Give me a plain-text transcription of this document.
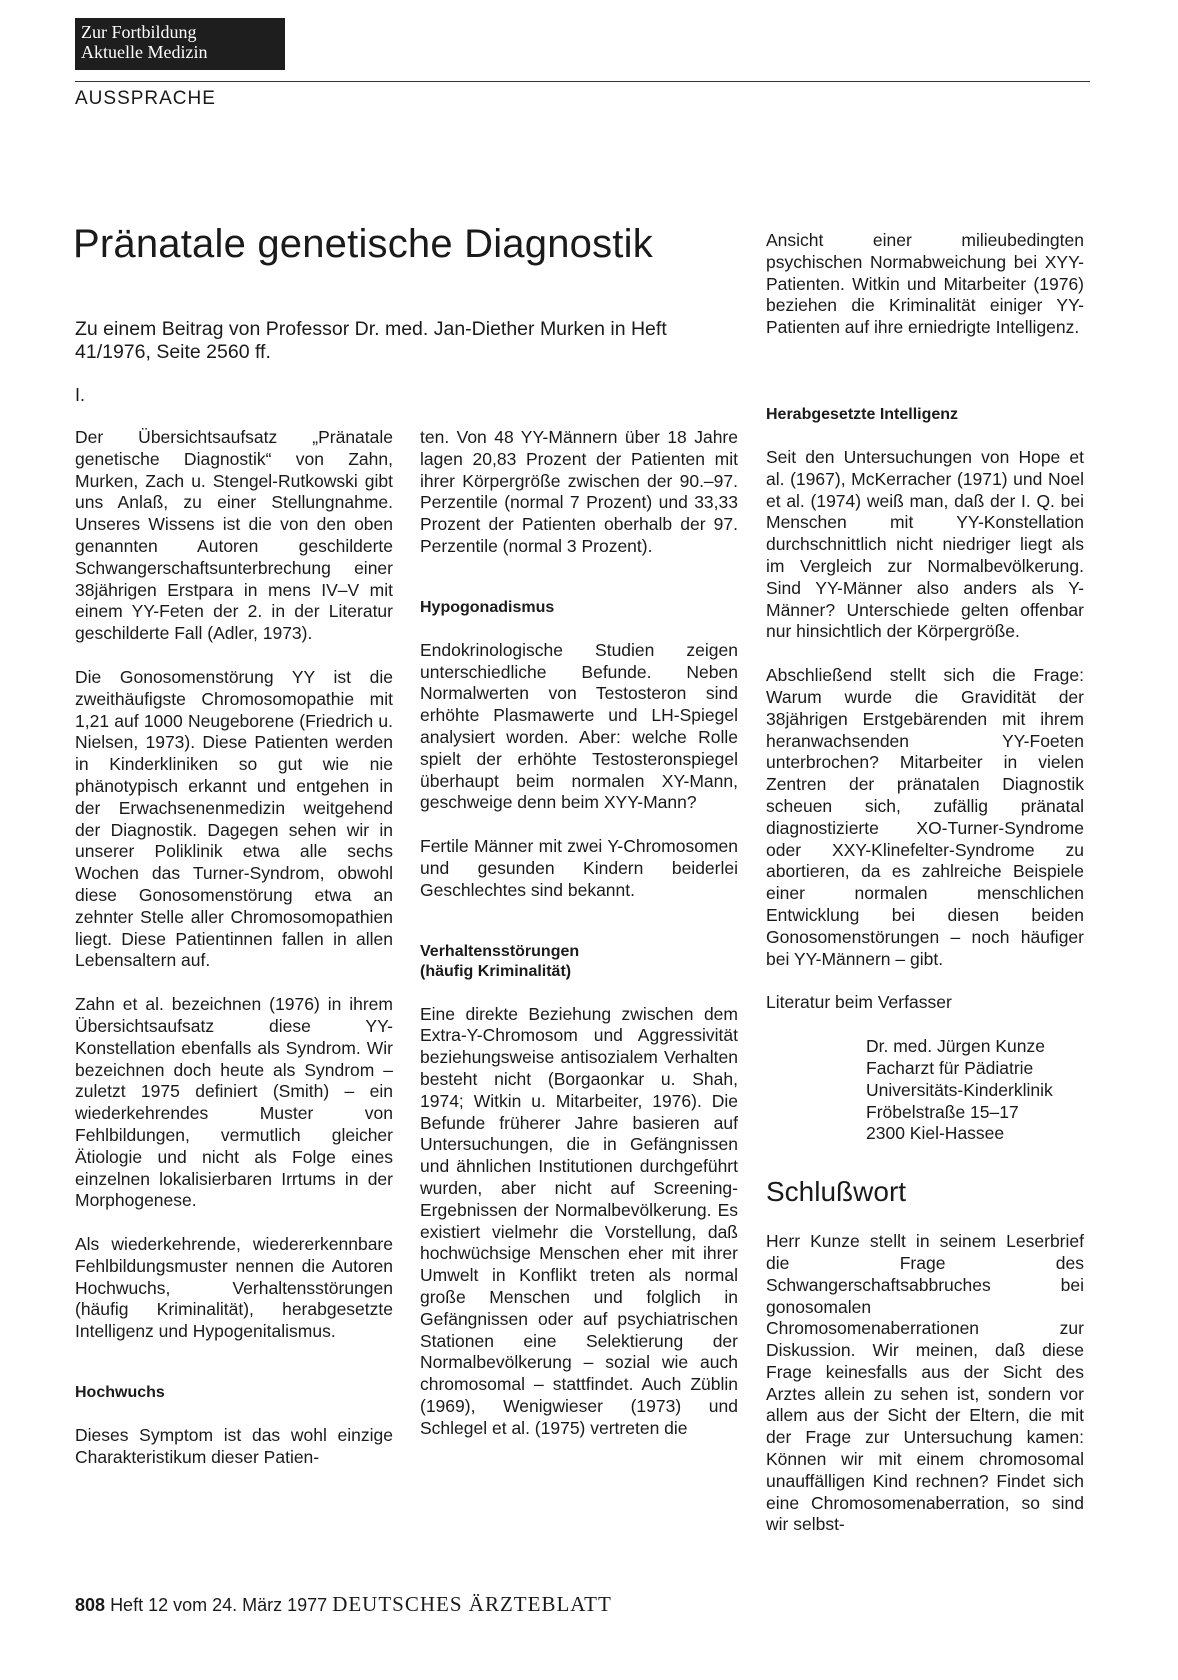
Zur Fortbildung
Aktuelle Medizin
AUSSPRACHE
Pränatale genetische Diagnostik

Zu einem Beitrag von Professor Dr. med. Jan-Diether Murken in Heft 41/1976, Seite 2560 ff.

I.

Der Übersichtsaufsatz „Pränatale genetische Diagnostik“ von Zahn, Murken, Zach u. Stengel-Rutkowski gibt uns Anlaß, zu einer Stellungnahme. Unseres Wissens ist die von den oben genannten Autoren geschilderte Schwangerschaftsunterbrechung einer 38jährigen Erstpara in mens IV–V mit einem YY-Feten der 2. in der Literatur geschilderte Fall (Adler, 1973).

Die Gonosomenstörung YY ist die zweithäufigste Chromosomopathie mit 1,21 auf 1000 Neugeborene (Friedrich u. Nielsen, 1973). Diese Patienten werden in Kinderkliniken so gut wie nie phänotypisch erkannt und entgehen in der Erwachsenenmedizin weitgehend der Diagnostik. Dagegen sehen wir in unserer Poliklinik etwa alle sechs Wochen das Turner-Syndrom, obwohl diese Gonosomenstörung etwa an zehnter Stelle aller Chromosomopathien liegt. Diese Patientinnen fallen in allen Lebensaltern auf.

Zahn et al. bezeichnen (1976) in ihrem Übersichtsaufsatz diese YY-Konstellation ebenfalls als Syndrom. Wir bezeichnen doch heute als Syndrom – zuletzt 1975 definiert (Smith) – ein wiederkehrendes Muster von Fehlbildungen, vermutlich gleicher Ätiologie und nicht als Folge eines einzelnen lokalisierbaren Irrtums in der Morphogenese.

Als wiederkehrende, wiedererkennbare Fehlbildungsmuster nennen die Autoren Hochwuchs, Verhaltensstörungen (häufig Kriminalität), herabgesetzte Intelligenz und Hypogenitalismus.

Hochwuchs

Dieses Symptom ist das wohl einzige Charakteristikum dieser Patien-

ten. Von 48 YY-Männern über 18 Jahre lagen 20,83 Prozent der Patienten mit ihrer Körpergröße zwischen der 90.–97. Perzentile (normal 7 Prozent) und 33,33 Prozent der Patienten oberhalb der 97. Perzentile (normal 3 Prozent).

Hypogonadismus

Endokrinologische Studien zeigen unterschiedliche Befunde. Neben Normalwerten von Testosteron sind erhöhte Plasmawerte und LH-Spiegel analysiert worden. Aber: welche Rolle spielt der erhöhte Testosteronspiegel überhaupt beim normalen XY-Mann, geschweige denn beim XYY-Mann?

Fertile Männer mit zwei Y-Chromosomen und gesunden Kindern beiderlei Geschlechtes sind bekannt.

Verhaltensstörungen
(häufig Kriminalität)

Eine direkte Beziehung zwischen dem Extra-Y-Chromosom und Aggressivität beziehungsweise antisozialem Verhalten besteht nicht (Borgaonkar u. Shah, 1974; Witkin u. Mitarbeiter, 1976). Die Befunde früherer Jahre basieren auf Untersuchungen, die in Gefängnissen und ähnlichen Institutionen durchgeführt wurden, aber nicht auf Screening-Ergebnissen der Normalbevölkerung. Es existiert vielmehr die Vorstellung, daß hochwüchsige Menschen eher mit ihrer Umwelt in Konflikt treten als normal große Menschen und folglich in Gefängnissen oder auf psychiatrischen Stationen eine Selektierung der Normalbevölkerung – sozial wie auch chromosomal – stattfindet. Auch Züblin (1969), Wenigwieser (1973) und Schlegel et al. (1975) vertreten die

Ansicht einer milieubedingten psychischen Normabweichung bei XYY-Patienten. Witkin und Mitarbeiter (1976) beziehen die Kriminalität einiger YY-Patienten auf ihre erniedrigte Intelligenz.

Herabgesetzte Intelligenz

Seit den Untersuchungen von Hope et al. (1967), McKerracher (1971) und Noel et al. (1974) weiß man, daß der I. Q. bei Menschen mit YY-Konstellation durchschnittlich nicht niedriger liegt als im Vergleich zur Normalbevölkerung. Sind YY-Männer also anders als Y-Männer? Unterschiede gelten offenbar nur hinsichtlich der Körpergröße.

Abschließend stellt sich die Frage: Warum wurde die Gravidität der 38jährigen Erstgebärenden mit ihrem heranwachsenden YY-Foeten unterbrochen? Mitarbeiter in vielen Zentren der pränatalen Diagnostik scheuen sich, zufällig pränatal diagnostizierte XO-Turner-Syndrome oder XXY-Klinefelter-Syndrome zu abortieren, da es zahlreiche Beispiele einer normalen menschlichen Entwicklung bei diesen beiden Gonosomenstörungen – noch häufiger bei YY-Männern – gibt.

Literatur beim Verfasser

Dr. med. Jürgen Kunze
Facharzt für Pädiatrie
Universitäts-Kinderklinik
Fröbelstraße 15–17
2300 Kiel-Hassee

Schlußwort

Herr Kunze stellt in seinem Leserbrief die Frage des Schwangerschaftsabbruches bei gonosomalen Chromosomenaberrationen zur Diskussion. Wir meinen, daß diese Frage keinesfalls aus der Sicht des Arztes allein zu sehen ist, sondern vor allem aus der Sicht der Eltern, die mit der Frage zur Untersuchung kamen: Können wir mit einem chromosomal unauffälligen Kind rechnen? Findet sich eine Chromosomenaberration, so sind wir selbst-

808 Heft 12 vom 24. März 1977 DEUTSCHES ÄRZTEBLATT
